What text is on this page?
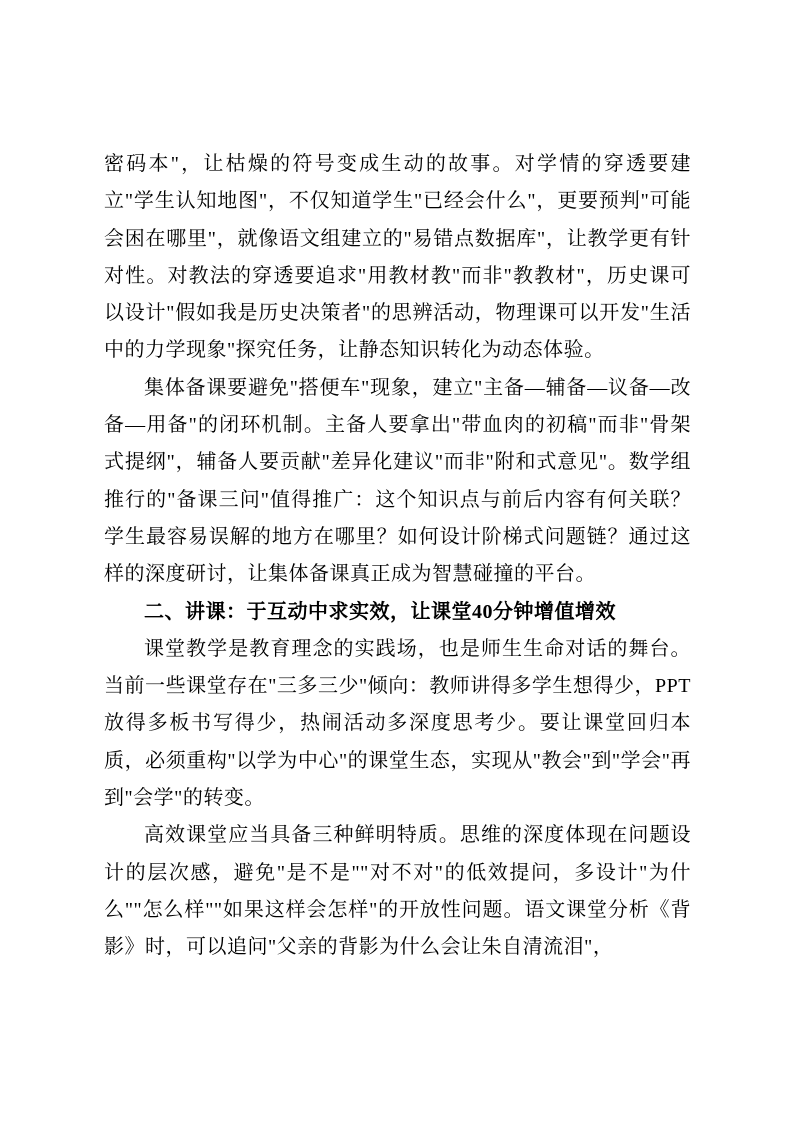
密码本"，让枯燥的符号变成生动的故事。对学情的穿透要建立"学生认知地图"，不仅知道学生"已经会什么"，更要预判"可能会困在哪里"，就像语文组建立的"易错点数据库"，让教学更有针对性。对教法的穿透要追求"用教材教"而非"教教材"，历史课可以设计"假如我是历史决策者"的思辨活动，物理课可以开发"生活中的力学现象"探究任务，让静态知识转化为动态体验。

集体备课要避免"搭便车"现象，建立"主备—辅备—议备—改备—用备"的闭环机制。主备人要拿出"带血肉的初稿"而非"骨架式提纲"，辅备人要贡献"差异化建议"而非"附和式意见"。数学组推行的"备课三问"值得推广：这个知识点与前后内容有何关联？学生最容易误解的地方在哪里？如何设计阶梯式问题链？通过这样的深度研讨，让集体备课真正成为智慧碰撞的平台。

二、讲课：于互动中求实效，让课堂40分钟增值增效

课堂教学是教育理念的实践场，也是师生生命对话的舞台。当前一些课堂存在"三多三少"倾向：教师讲得多学生想得少，PPT放得多板书写得少，热闹活动多深度思考少。要让课堂回归本质，必须重构"以学为中心"的课堂生态，实现从"教会"到"学会"再到"会学"的转变。

高效课堂应当具备三种鲜明特质。思维的深度体现在问题设计的层次感，避免"是不是""对不对"的低效提问，多设计"为什么""怎么样""如果这样会怎样"的开放性问题。语文课堂分析《背影》时，可以追问"父亲的背影为什么会让朱自清流泪"，
